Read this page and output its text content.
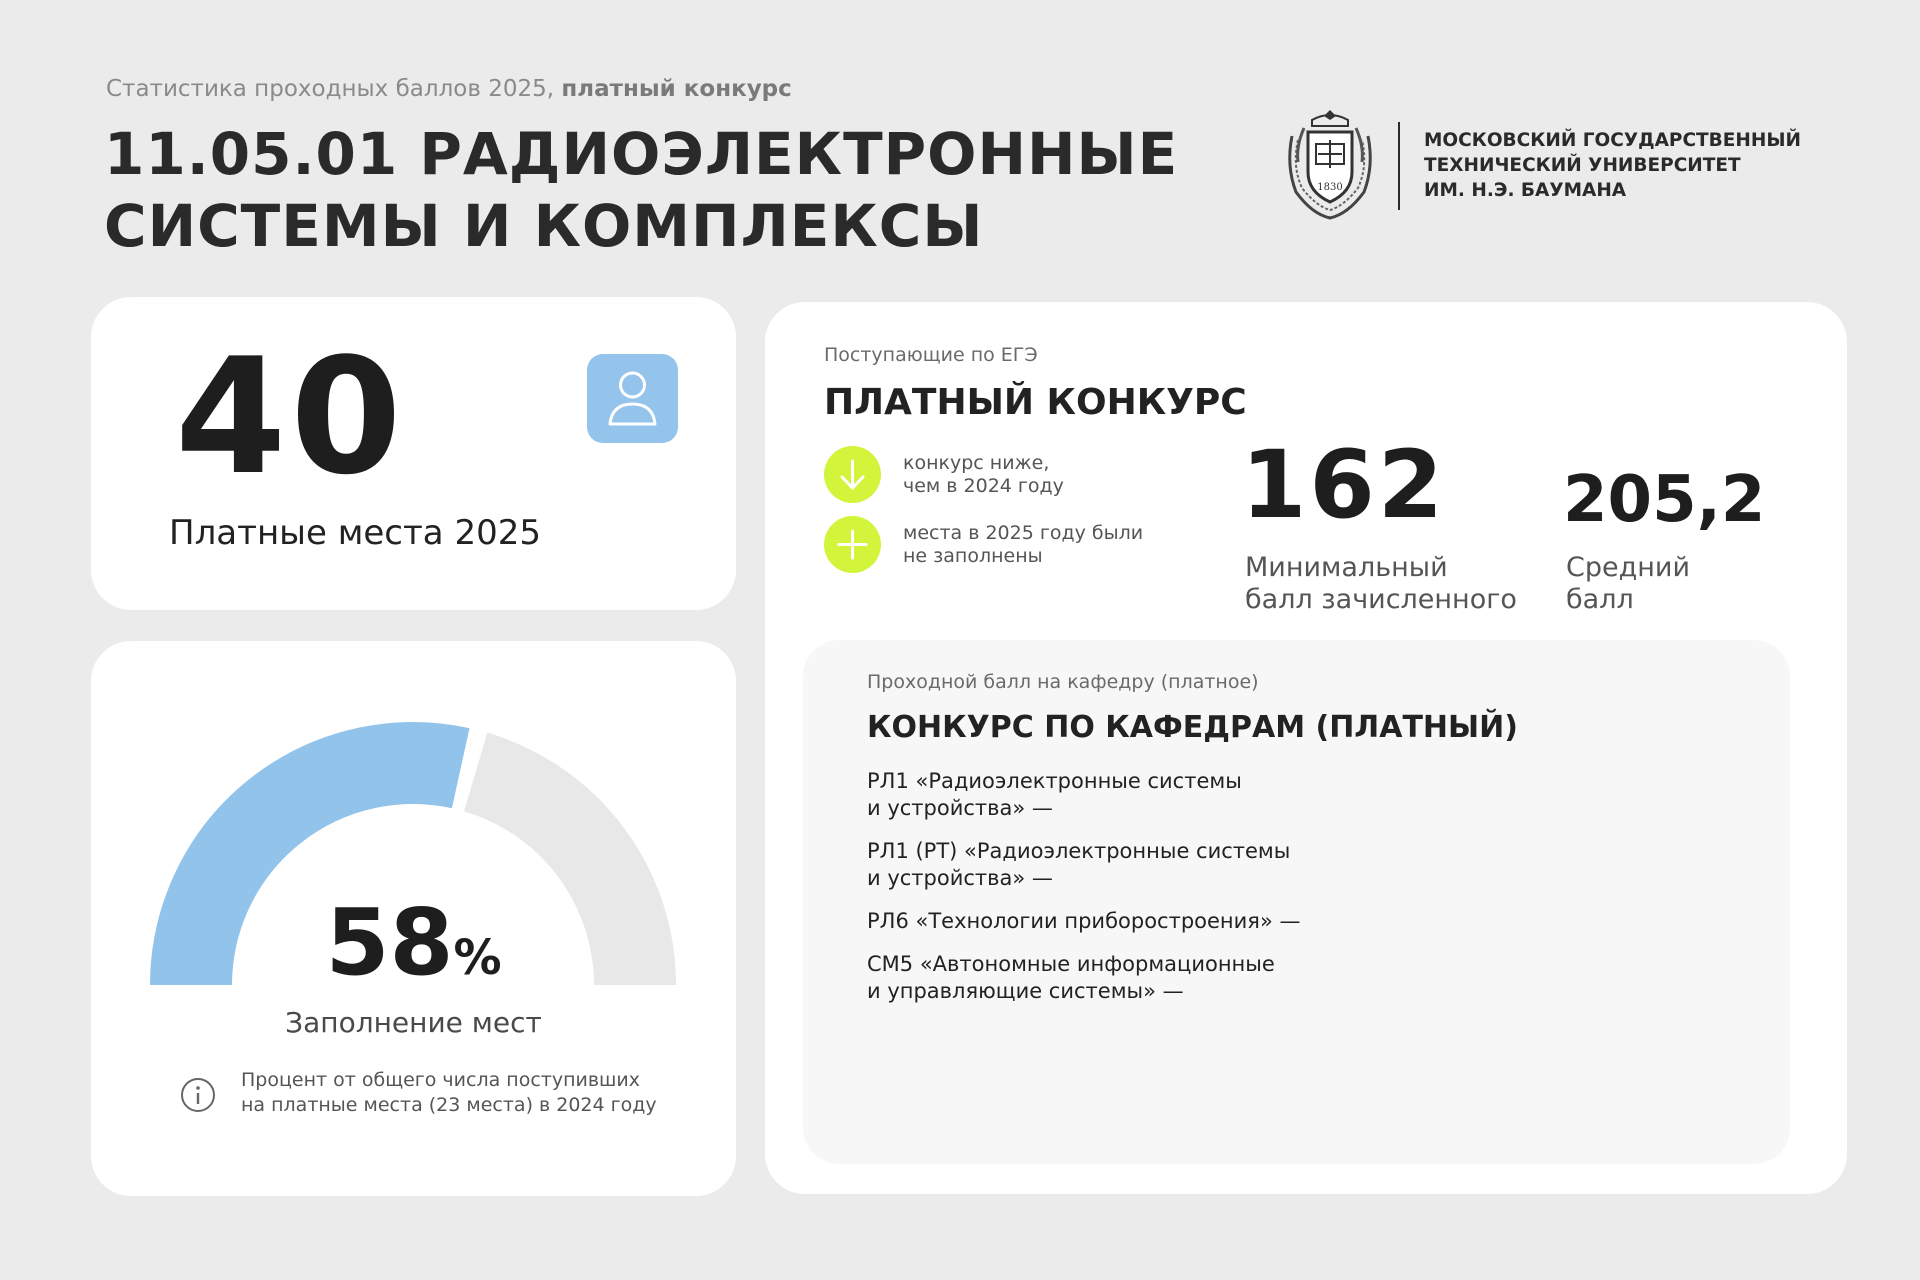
Статистика проходных баллов 2025, платный конкурс
11.05.01 РАДИОЭЛЕКТРОННЫЕ
СИСТЕМЫ И КОМПЛЕКСЫ
1830
МОСКОВСКИЙ ГОСУДАРСТВЕННЫЙ
ТЕХНИЧЕСКИЙ УНИВЕРСИТЕТ
ИМ. Н.Э. БАУМАНА
40
Платные места 2025
58%
Заполнение мест
Процент от общего числа поступивших
на платные места (23 места) в 2024 году
Поступающие по ЕГЭ
ПЛАТНЫЙ КОНКУРС
конкурс ниже,
чем в 2024 году
места в 2025 году были
не заполнены
162
Минимальный
балл зачисленного
205,2
Средний
балл
Проходной балл на кафедру (платное)
КОНКУРС ПО КАФЕДРАМ (ПЛАТНЫЙ)
РЛ1 «Радиоэлектронные системы
и устройства» —
РЛ1 (РТ) «Радиоэлектронные системы
и устройства» —
РЛ6 «Технологии приборостроения» —
СМ5 «Автономные информационные
и управляющие системы» —
